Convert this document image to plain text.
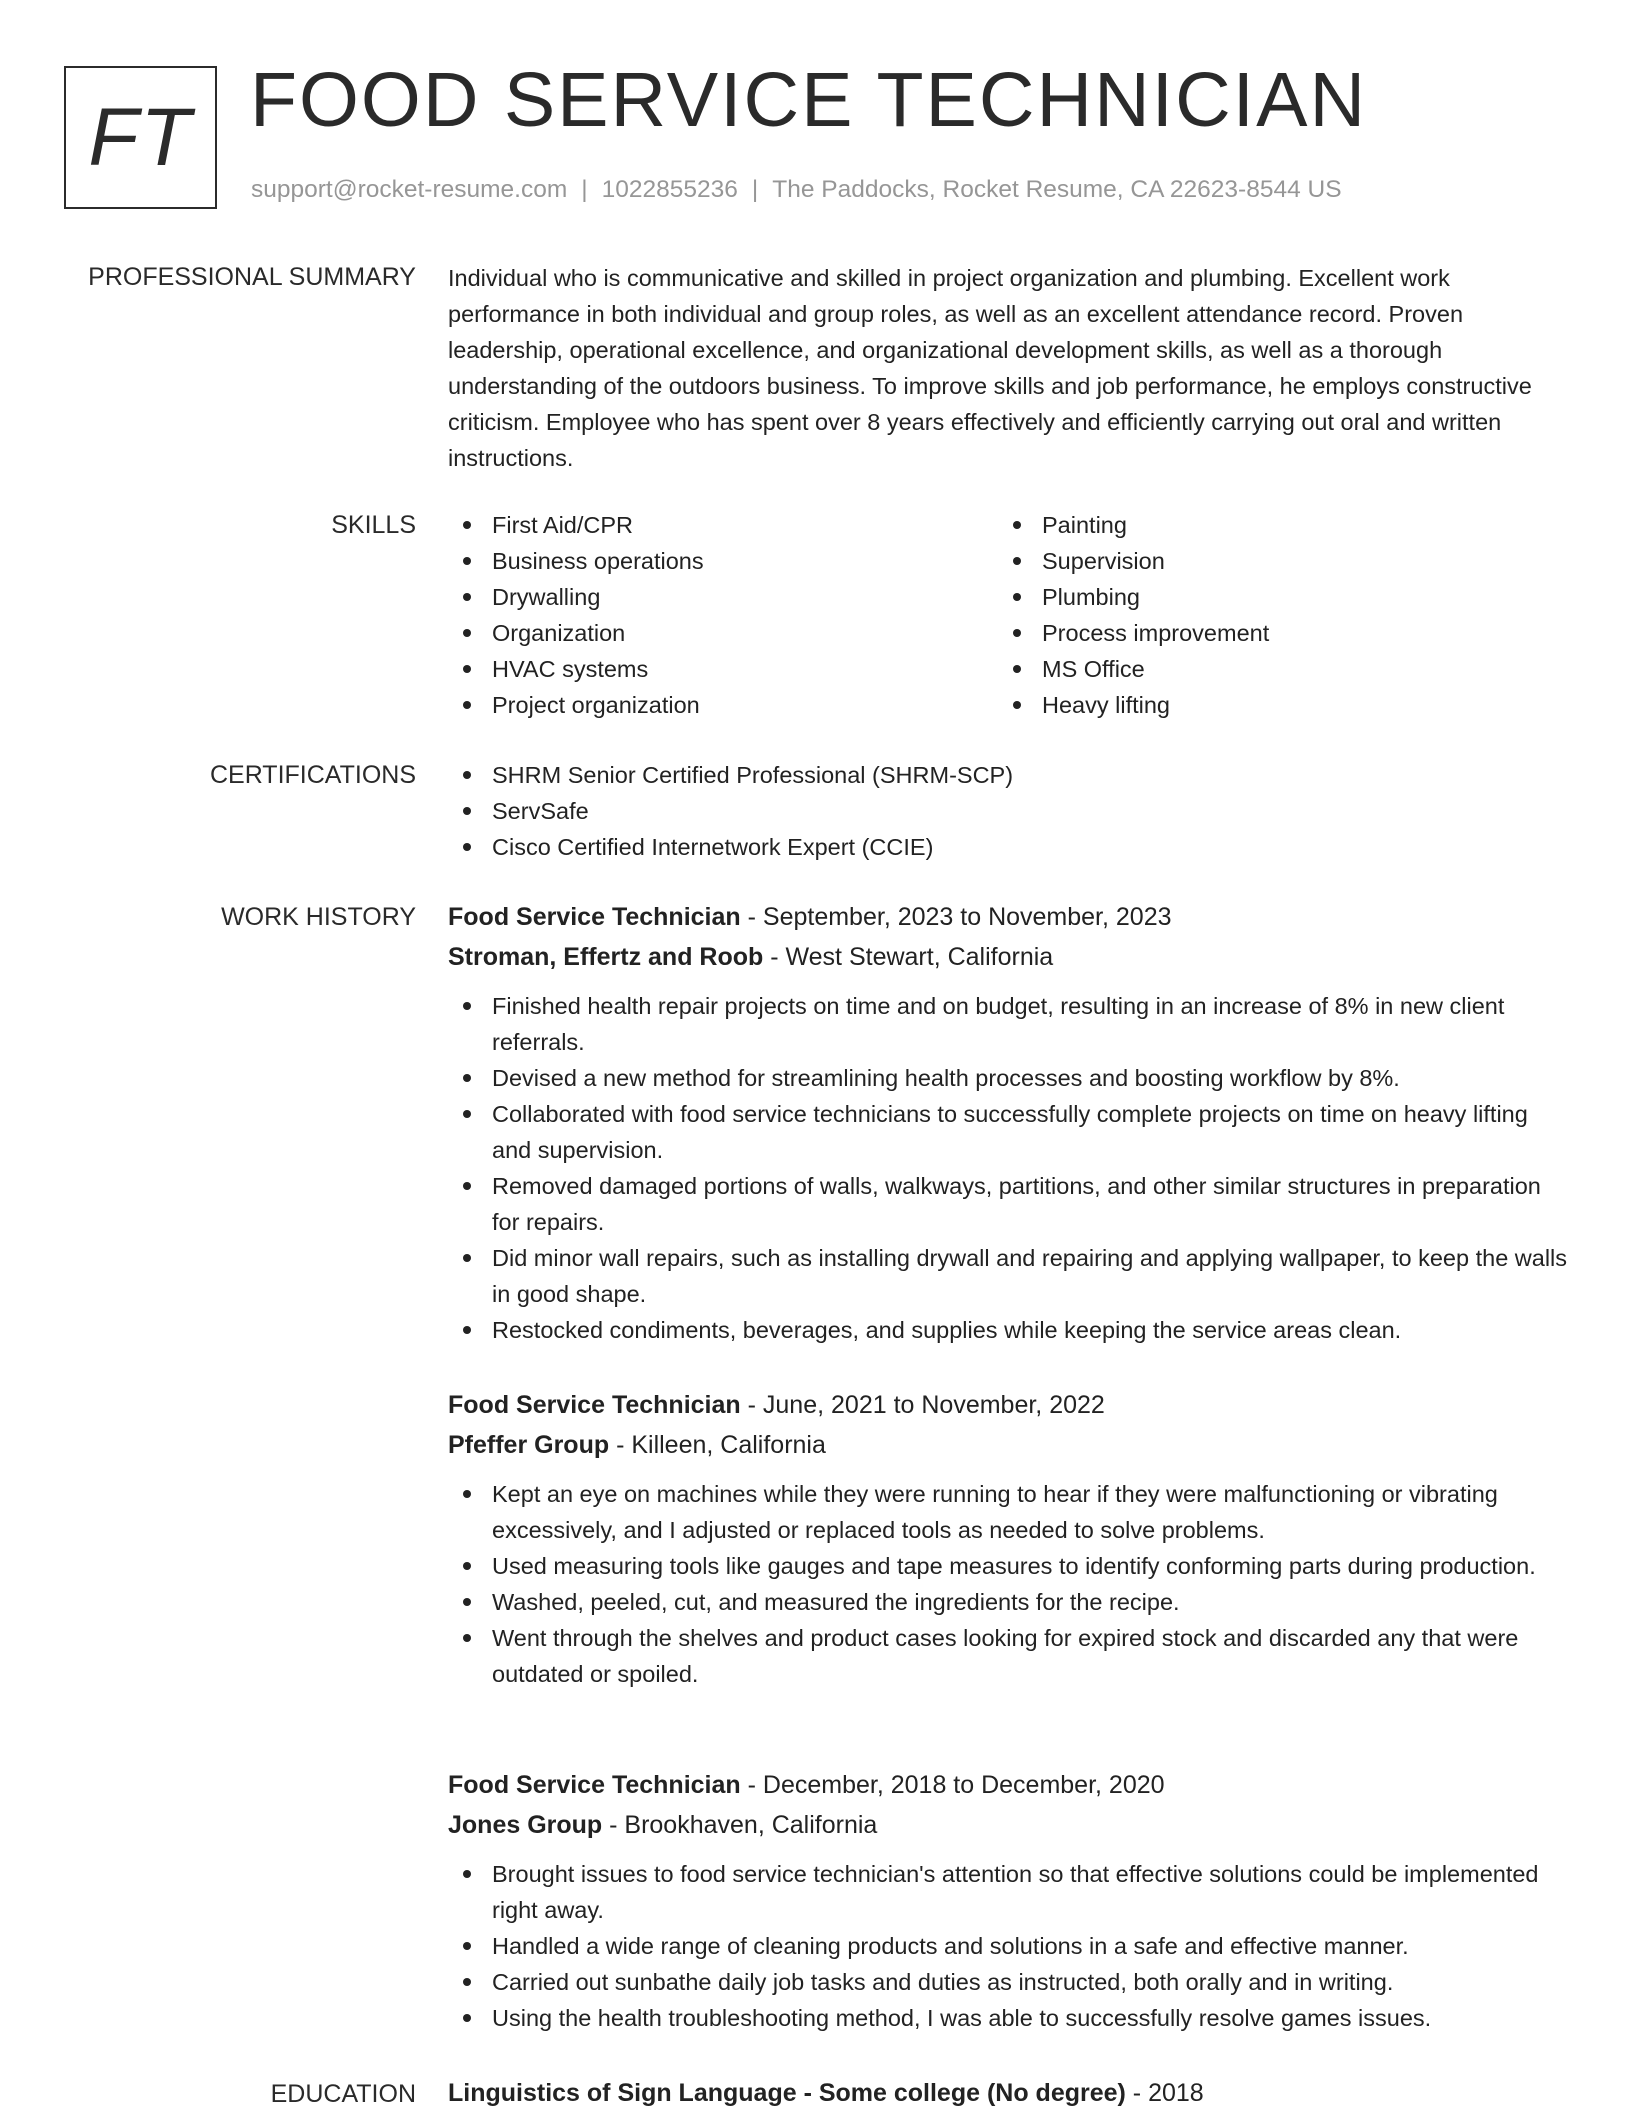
FT FOOD SERVICE TECHNICIAN
support@rocket-resume.com | 1022855236 | The Paddocks, Rocket Resume, CA 22623-8544 US
PROFESSIONAL SUMMARY Individual who is communicative and skilled in project organization and plumbing. Excellent work performance in both individual and group roles, as well as an excellent attendance record. Proven leadership, operational excellence, and organizational development skills, as well as a thorough understanding of the outdoors business. To improve skills and job performance, he employs constructive criticism. Employee who has spent over 8 years effectively and efficiently carrying out oral and written instructions.
SKILLS	First Aid/CPR
Business operations
Drywalling
Organization
HVAC systems
Project organization
Painting
Supervision
Plumbing
Process improvement
MS Office
Heavy lifting
CERTIFICATIONS	SHRM Senior Certified Professional (SHRM-SCP)
ServSafe
Cisco Certified Internetwork Expert (CCIE)
WORK HISTORY Food Service Technician - September, 2023 to November, 2023
Stroman, Effertz and Roob - West Stewart, California
Finished health repair projects on time and on budget, resulting in an increase of 8% in new client referrals.
Devised a new method for streamlining health processes and boosting workflow by 8%.
Collaborated with food service technicians to successfully complete projects on time on heavy lifting and supervision.
Removed damaged portions of walls, walkways, partitions, and other similar structures in preparation for repairs.
Did minor wall repairs, such as installing drywall and repairing and applying wallpaper, to keep the walls in good shape.
Restocked condiments, beverages, and supplies while keeping the service areas clean.
Food Service Technician - June, 2021 to November, 2022
Pfeffer Group - Killeen, California
Kept an eye on machines while they were running to hear if they were malfunctioning or vibrating excessively, and I adjusted or replaced tools as needed to solve problems.
Used measuring tools like gauges and tape measures to identify conforming parts during production.
Washed, peeled, cut, and measured the ingredients for the recipe.
Went through the shelves and product cases looking for expired stock and discarded any that were outdated or spoiled.
Food Service Technician - December, 2018 to December, 2020
Jones Group - Brookhaven, California
Brought issues to food service technician's attention so that effective solutions could be implemented right away.
Handled a wide range of cleaning products and solutions in a safe and effective manner.
Carried out sunbathe daily job tasks and duties as instructed, both orally and in writing.
Using the health troubleshooting method, I was able to successfully resolve games issues.
EDUCATION Linguistics of Sign Language - Some college (No degree) - 2018
